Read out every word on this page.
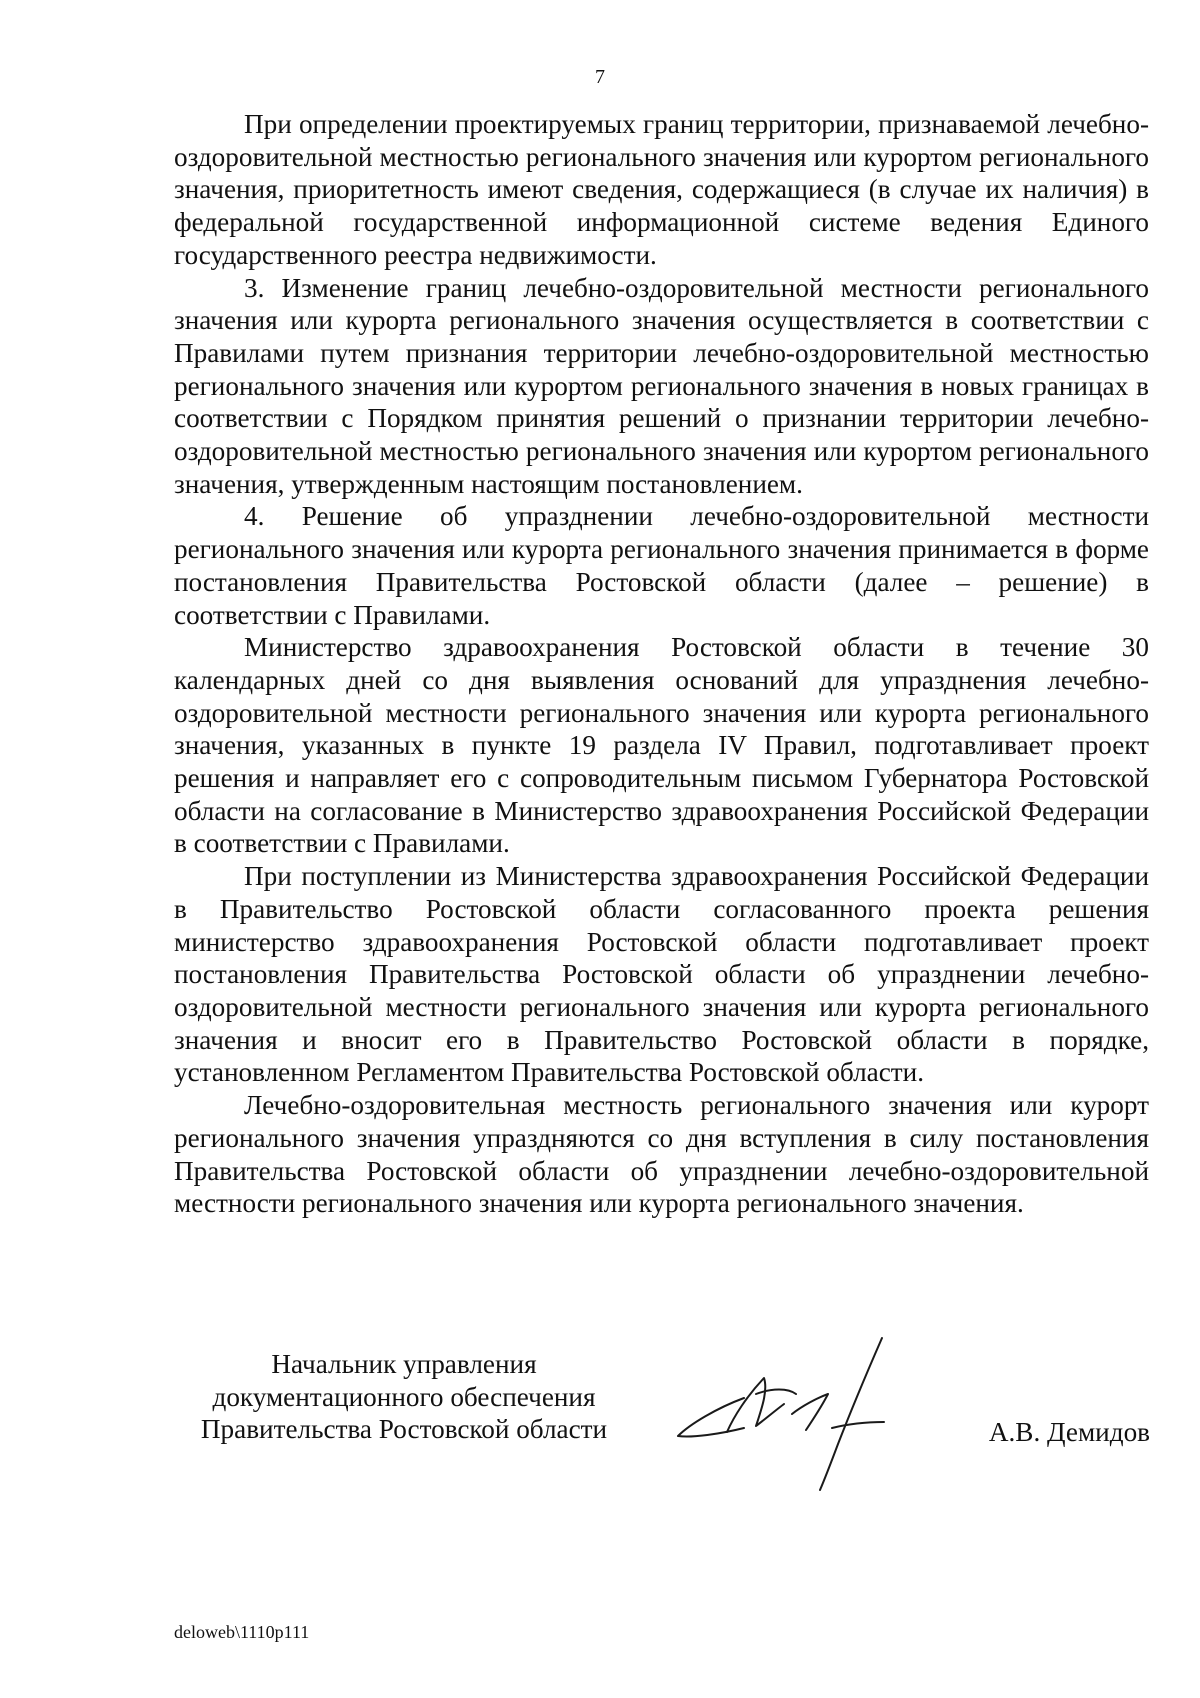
7

При определении проектируемых границ территории, признаваемой лечебно-оздоровительной местностью регионального значения или курортом регионального значения, приоритетность имеют сведения, содержащиеся (в случае их наличия) в федеральной государственной информационной системе ведения Единого государственного реестра недвижимости.

3. Изменение границ лечебно-оздоровительной местности регионального значения или курорта регионального значения осуществляется в соответствии с Правилами путем признания территории лечебно-оздоровительной местностью регионального значения или курортом регионального значения в новых границах в соответствии с Порядком принятия решений о признании территории лечебно-оздоровительной местностью регионального значения или курортом регионального значения, утвержденным настоящим постановлением.

4. Решение об упразднении лечебно-оздоровительной местности регионального значения или курорта регионального значения принимается в форме постановления Правительства Ростовской области (далее – решение) в соответствии с Правилами.

Министерство здравоохранения Ростовской области в течение 30 календарных дней со дня выявления оснований для упразднения лечебно-оздоровительной местности регионального значения или курорта регионального значения, указанных в пункте 19 раздела IV Правил, подготавливает проект решения и направляет его с сопроводительным письмом Губернатора Ростовской области на согласование в Министерство здравоохранения Российской Федерации в соответствии с Правилами.

При поступлении из Министерства здравоохранения Российской Федерации в Правительство Ростовской области согласованного проекта решения министерство здравоохранения Ростовской области подготавливает проект постановления Правительства Ростовской области об упразднении лечебно-оздоровительной местности регионального значения или курорта регионального значения и вносит его в Правительство Ростовской области в порядке, установленном Регламентом Правительства Ростовской области.

Лечебно-оздоровительная местность регионального значения или курорт регионального значения упраздняются со дня вступления в силу постановления Правительства Ростовской области об упразднении лечебно-оздоровительной местности регионального значения или курорта регионального значения.

Начальник управления
документационного обеспечения
Правительства Ростовской области	А.В. Демидов
deloweb\1110p111
